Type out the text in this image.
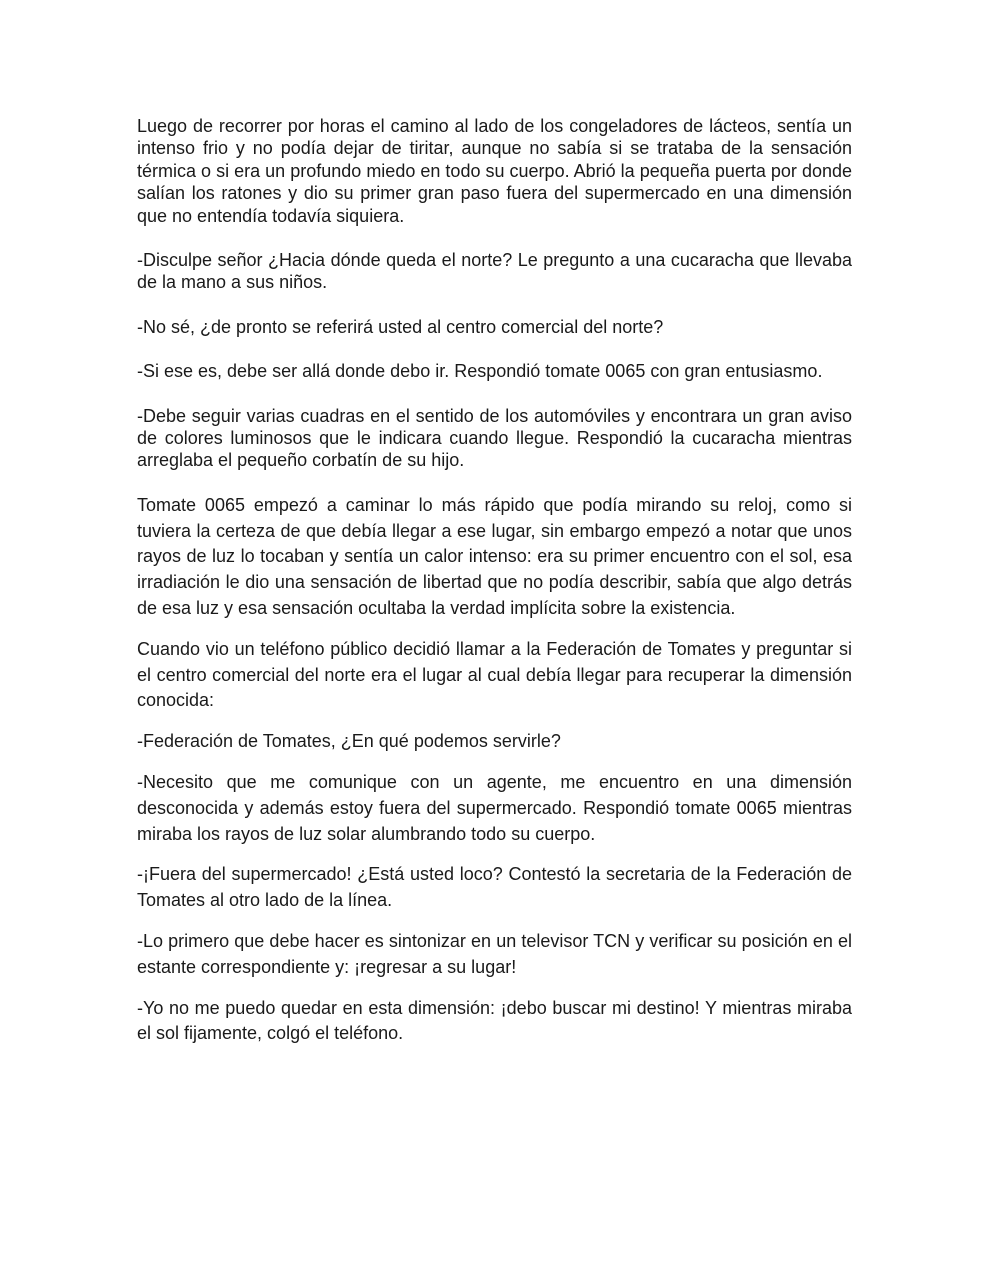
Luego de recorrer por horas el camino al lado de los congeladores de lácteos, sentía un intenso frio y no podía dejar de tiritar, aunque no sabía si se trataba de la sensación térmica o si era un profundo miedo en todo su cuerpo. Abrió la pequeña puerta por donde salían los ratones y dio su primer gran paso fuera del supermercado en una dimensión que no entendía todavía siquiera.

-Disculpe señor ¿Hacia dónde queda el norte? Le pregunto a una cucaracha que llevaba de la mano a sus niños.

-No sé, ¿de pronto se referirá usted al centro comercial del norte?

-Si ese es, debe ser allá donde debo ir. Respondió tomate 0065 con gran entusiasmo.

-Debe seguir varias cuadras en el sentido de los automóviles y encontrara un gran aviso de colores luminosos que le indicara cuando llegue. Respondió la cucaracha mientras arreglaba el pequeño corbatín de su hijo.

Tomate 0065 empezó a caminar lo más rápido que podía mirando su reloj, como si tuviera la certeza de que debía llegar a ese lugar, sin embargo empezó a notar que unos rayos de luz lo tocaban y sentía un calor intenso: era su primer encuentro con el sol, esa irradiación le dio una sensación de libertad que no podía describir, sabía que algo detrás de esa luz y esa sensación ocultaba la verdad implícita sobre la existencia.

Cuando vio un teléfono público decidió llamar a la Federación de Tomates y preguntar si el centro comercial del norte era el lugar al cual debía llegar para recuperar la dimensión conocida:

-Federación de Tomates, ¿En qué podemos servirle?

-Necesito que me comunique con un agente, me encuentro en una dimensión desconocida y además estoy fuera del supermercado. Respondió tomate 0065 mientras miraba los rayos de luz solar alumbrando todo su cuerpo.

-¡Fuera del supermercado! ¿Está usted loco? Contestó la secretaria de la Federación de Tomates al otro lado de la línea.

-Lo primero que debe hacer es sintonizar en un televisor TCN y verificar su posición en el estante correspondiente y: ¡regresar a su lugar!

-Yo no me puedo quedar en esta dimensión: ¡debo buscar mi destino! Y mientras miraba el sol fijamente, colgó el teléfono.
